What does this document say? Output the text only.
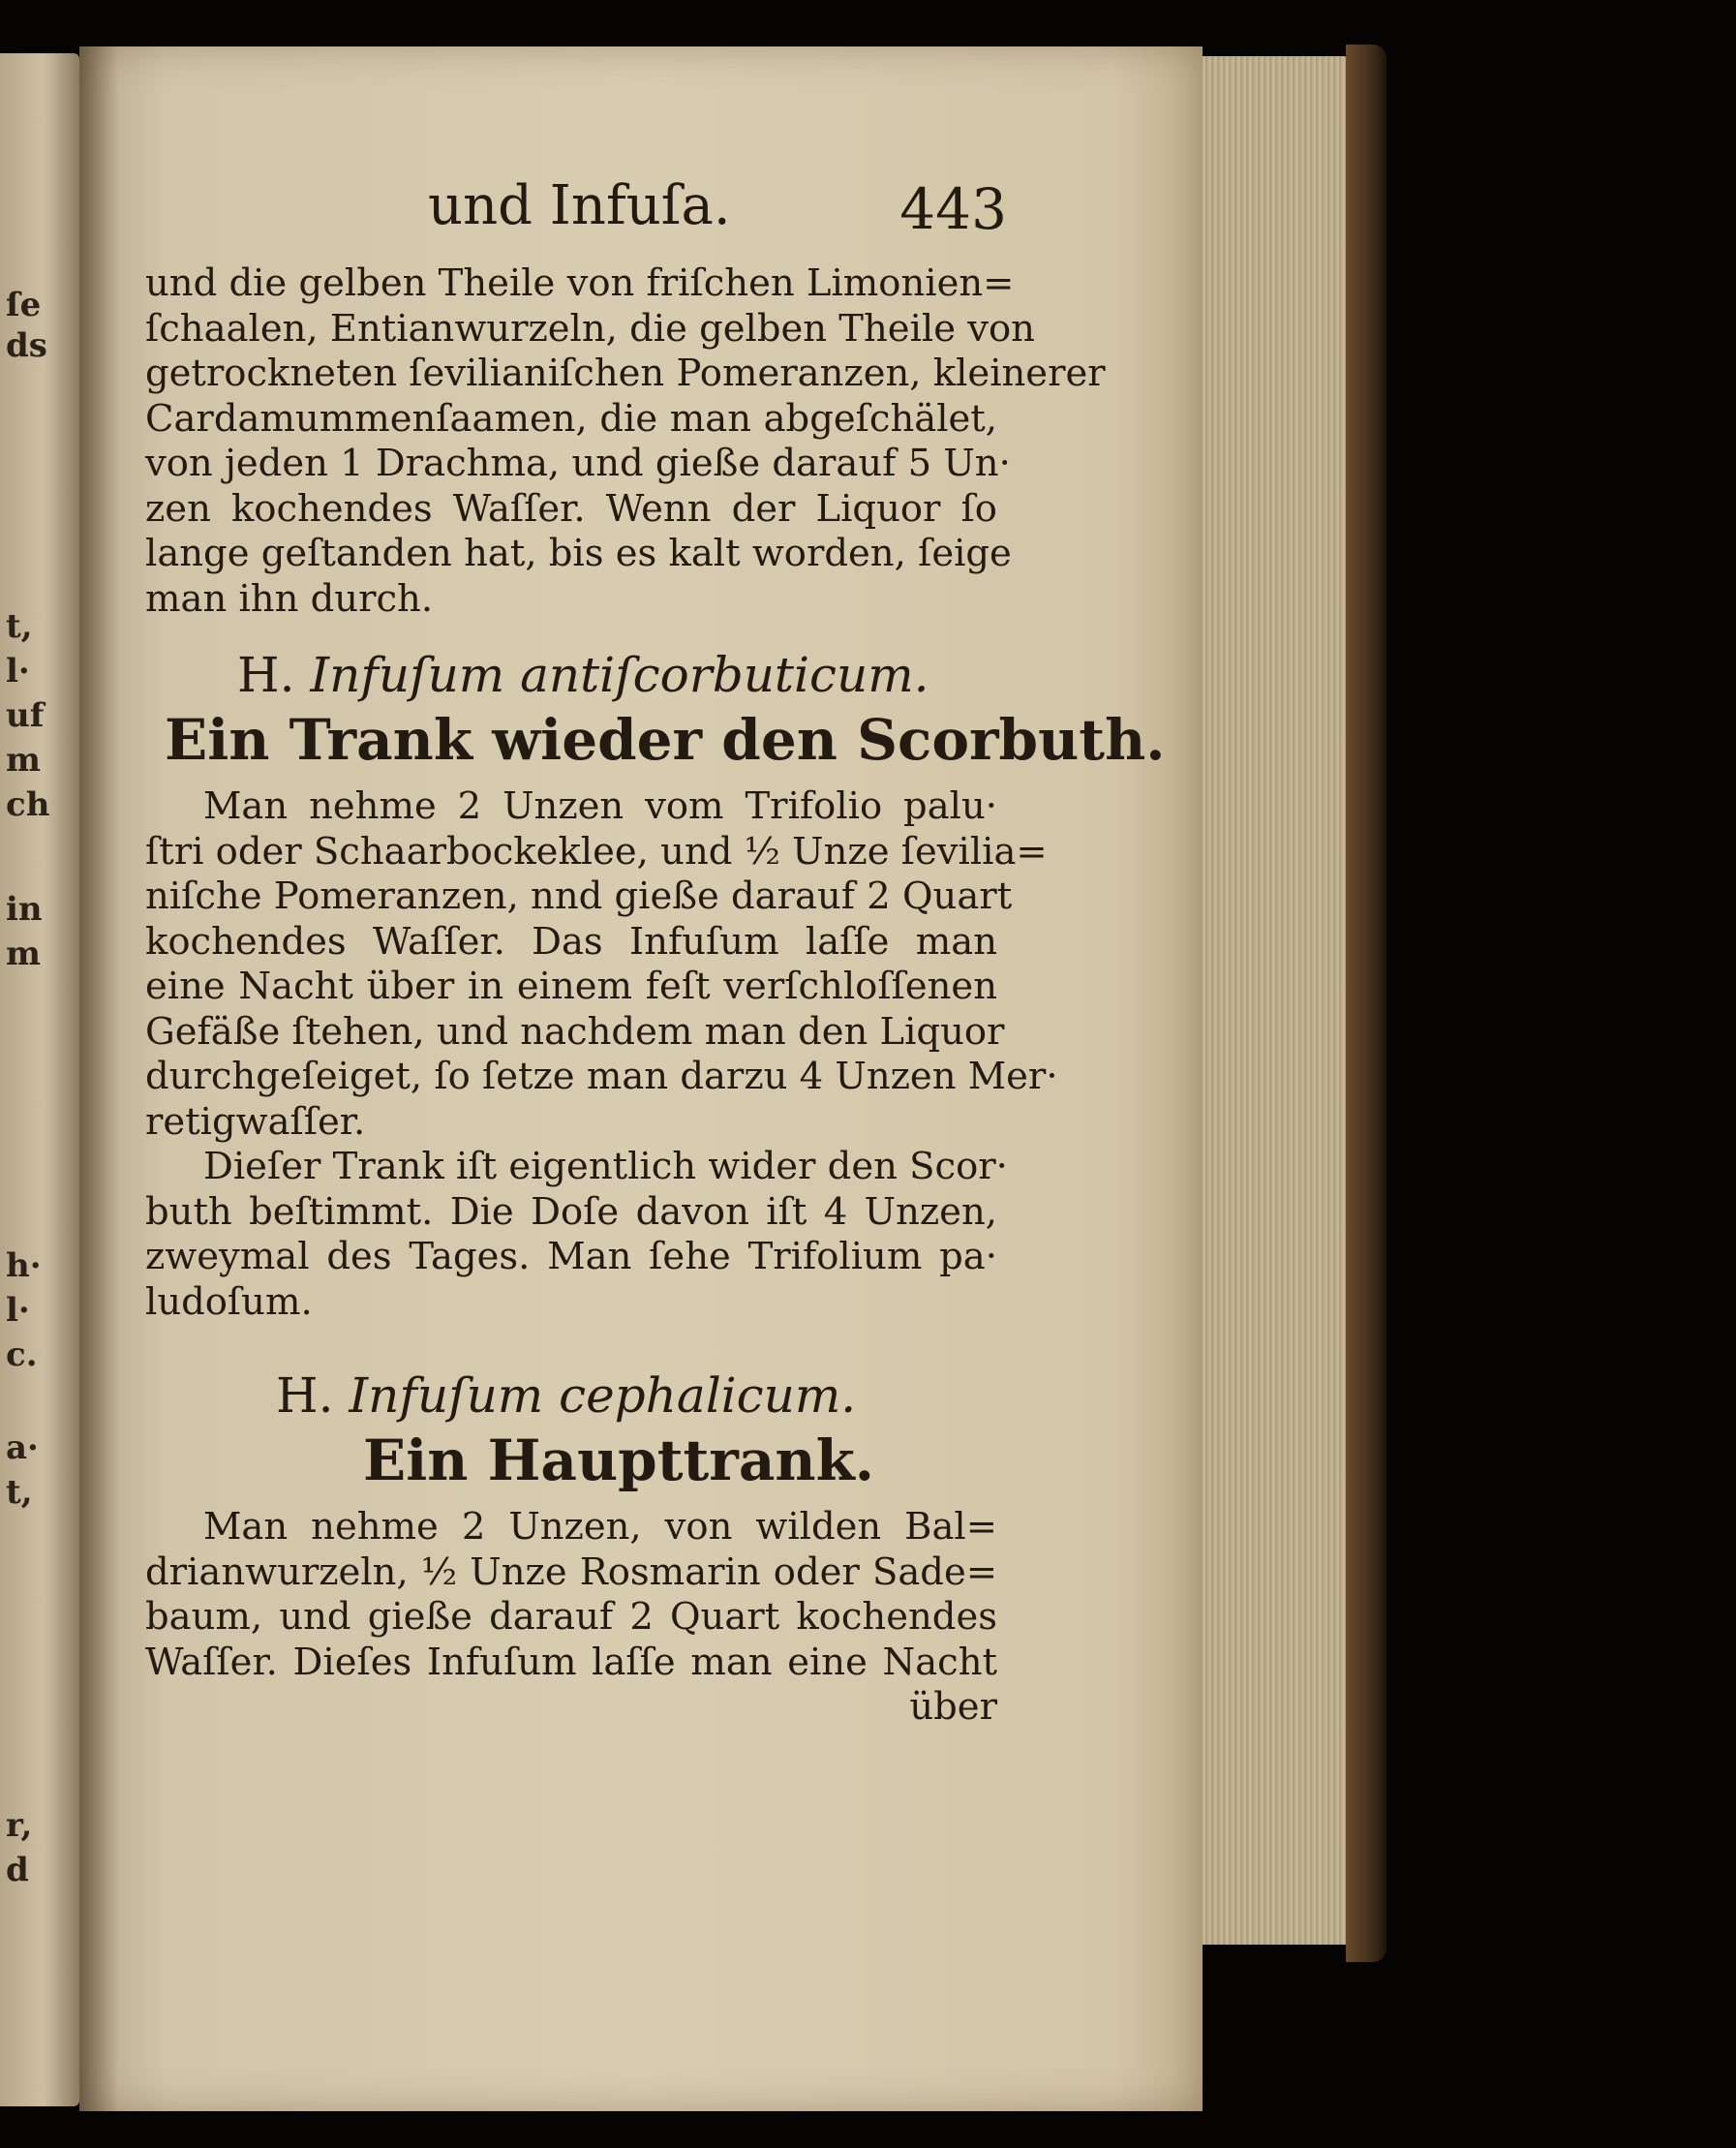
ſe
ds
t,
l·
uf
m
ch
in
m
h·
l·
c.
a·
t,
r,
d
und Infuſa.	443
und die gelben Theile von friſchen Limonien=
ſchaalen, Entianwurzeln, die gelben Theile von
getrockneten ſevilianiſchen Pomeranzen, kleinerer
Cardamummenſaamen, die man abgeſchälet,
von jeden 1 Drachma, und gieße darauf 5 Un·
zen kochendes Waſſer. Wenn der Liquor ſo
lange geſtanden hat, bis es kalt worden, ſeige
man ihn durch.
H. Infuſum antiſcorbuticum.
Ein Trank wieder den Scorbuth.
Man nehme 2 Unzen vom Trifolio palu·
ſtri oder Schaarbockeklee, und ½ Unze ſevilia=
niſche Pomeranzen, nnd gieße darauf 2 Quart
kochendes Waſſer. Das Infuſum laſſe man
eine Nacht über in einem feſt verſchloſſenen
Gefäße ſtehen, und nachdem man den Liquor
durchgeſeiget, ſo ſetze man darzu 4 Unzen Mer·
retigwaſſer.
Dieſer Trank iſt eigentlich wider den Scor·
buth beſtimmt. Die Doſe davon iſt 4 Unzen,
zweymal des Tages. Man ſehe Trifolium pa·
ludoſum.
H. Infuſum cephalicum.
Ein Haupttrank.
Man nehme 2 Unzen, von wilden Bal=
drianwurzeln, ½ Unze Rosmarin oder Sade=
baum, und gieße darauf 2 Quart kochendes
Waſſer. Dieſes Infuſum laſſe man eine Nacht
über
